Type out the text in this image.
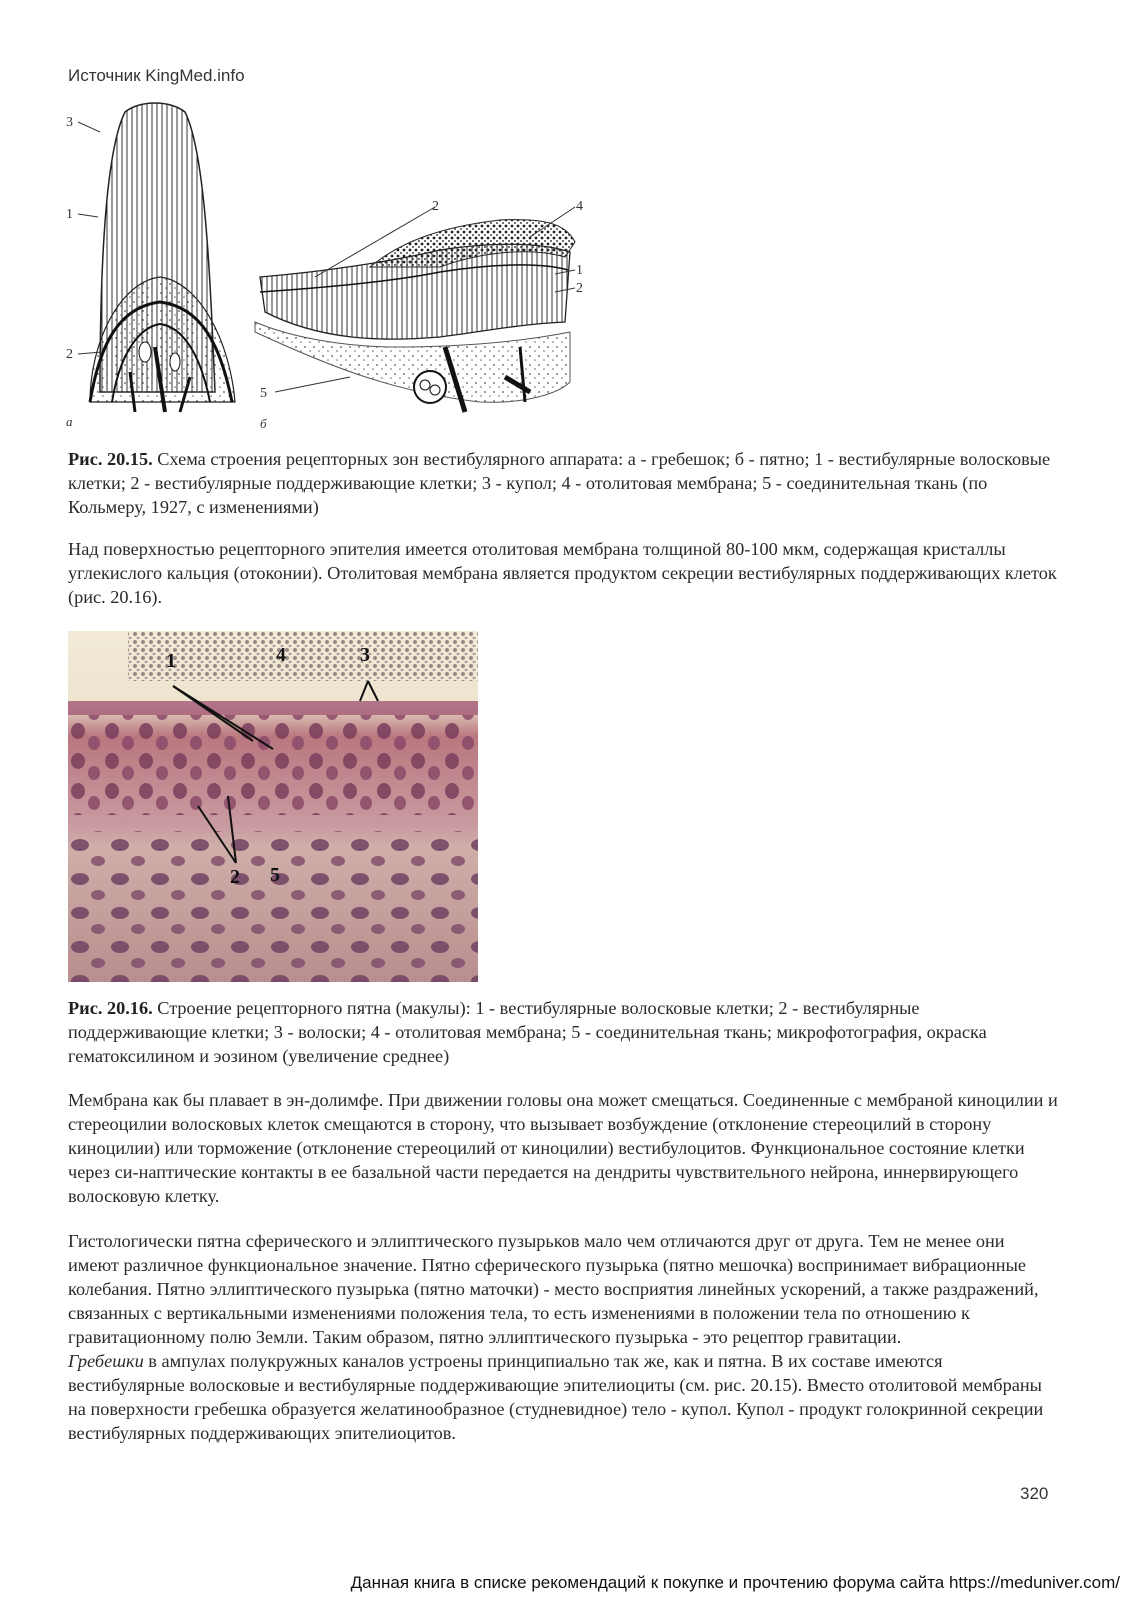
Источник KingMed.info
3
1
2
а
2	4
1
2
5
б
Рис. 20.15. Схема строения рецепторных зон вестибулярного аппарата: а - гребешок; б - пятно; 1 - вестибулярные волосковые клетки; 2 - вестибулярные поддерживающие клетки; 3 - купол; 4 - отолитовая мембрана; 5 - соединительная ткань (по Кольмеру, 1927, с изменениями)
Над поверхностью рецепторного эпителия имеется отолитовая мембрана толщиной 80-100 мкм, содержащая кристаллы углекислого кальция (отоконии). Отолитовая мембрана является продуктом секреции вестибулярных поддерживающих клеток (рис. 20.16).
1	4	3
2 5
Рис. 20.16. Строение рецепторного пятна (макулы): 1 - вестибулярные волосковые клетки; 2 - вестибулярные поддерживающие клетки; 3 - волоски; 4 - отолитовая мембрана; 5 - соединительная ткань; микрофотография, окраска гематоксилином и эозином (увеличение среднее)
Мембрана как бы плавает в эн-долимфе. При движении головы она может смещаться. Соединенные с мембраной киноцилии и стереоцилии волосковых клеток смещаются в сторону, что вызывает возбуждение (отклонение стереоцилий в сторону киноцилии) или торможение (отклонение стереоцилий от киноцилии) вестибулоцитов. Функциональное состояние клетки через си-наптические контакты в ее базальной части передается на дендриты чувствительного нейрона, иннервирующего волосковую клетку.

Гистологически пятна сферического и эллиптического пузырьков мало чем отличаются друг от друга. Тем не менее они имеют различное функциональное значение. Пятно сферического пузырька (пятно мешочка) воспринимает вибрационные колебания. Пятно эллиптического пузырька (пятно маточки) - место восприятия линейных ускорений, а также раздражений, связанных с вертикальными изменениями положения тела, то есть изменениями в положении тела по отношению к гравитационному полю Земли. Таким образом, пятно эллиптического пузырька - это рецептор гравитации.

Гребешки в ампулах полукружных каналов устроены принципиально так же, как и пятна. В их составе имеются вестибулярные волосковые и вестибулярные поддерживающие эпителиоциты (см. рис. 20.15). Вместо отолитовой мембраны на поверхности гребешка образуется желатинообразное (студневидное) тело - купол. Купол - продукт голокринной секреции вестибулярных поддерживающих эпителиоцитов.

320
Данная книга в списке рекомендаций к покупке и прочтению форума сайта https://meduniver.com/
